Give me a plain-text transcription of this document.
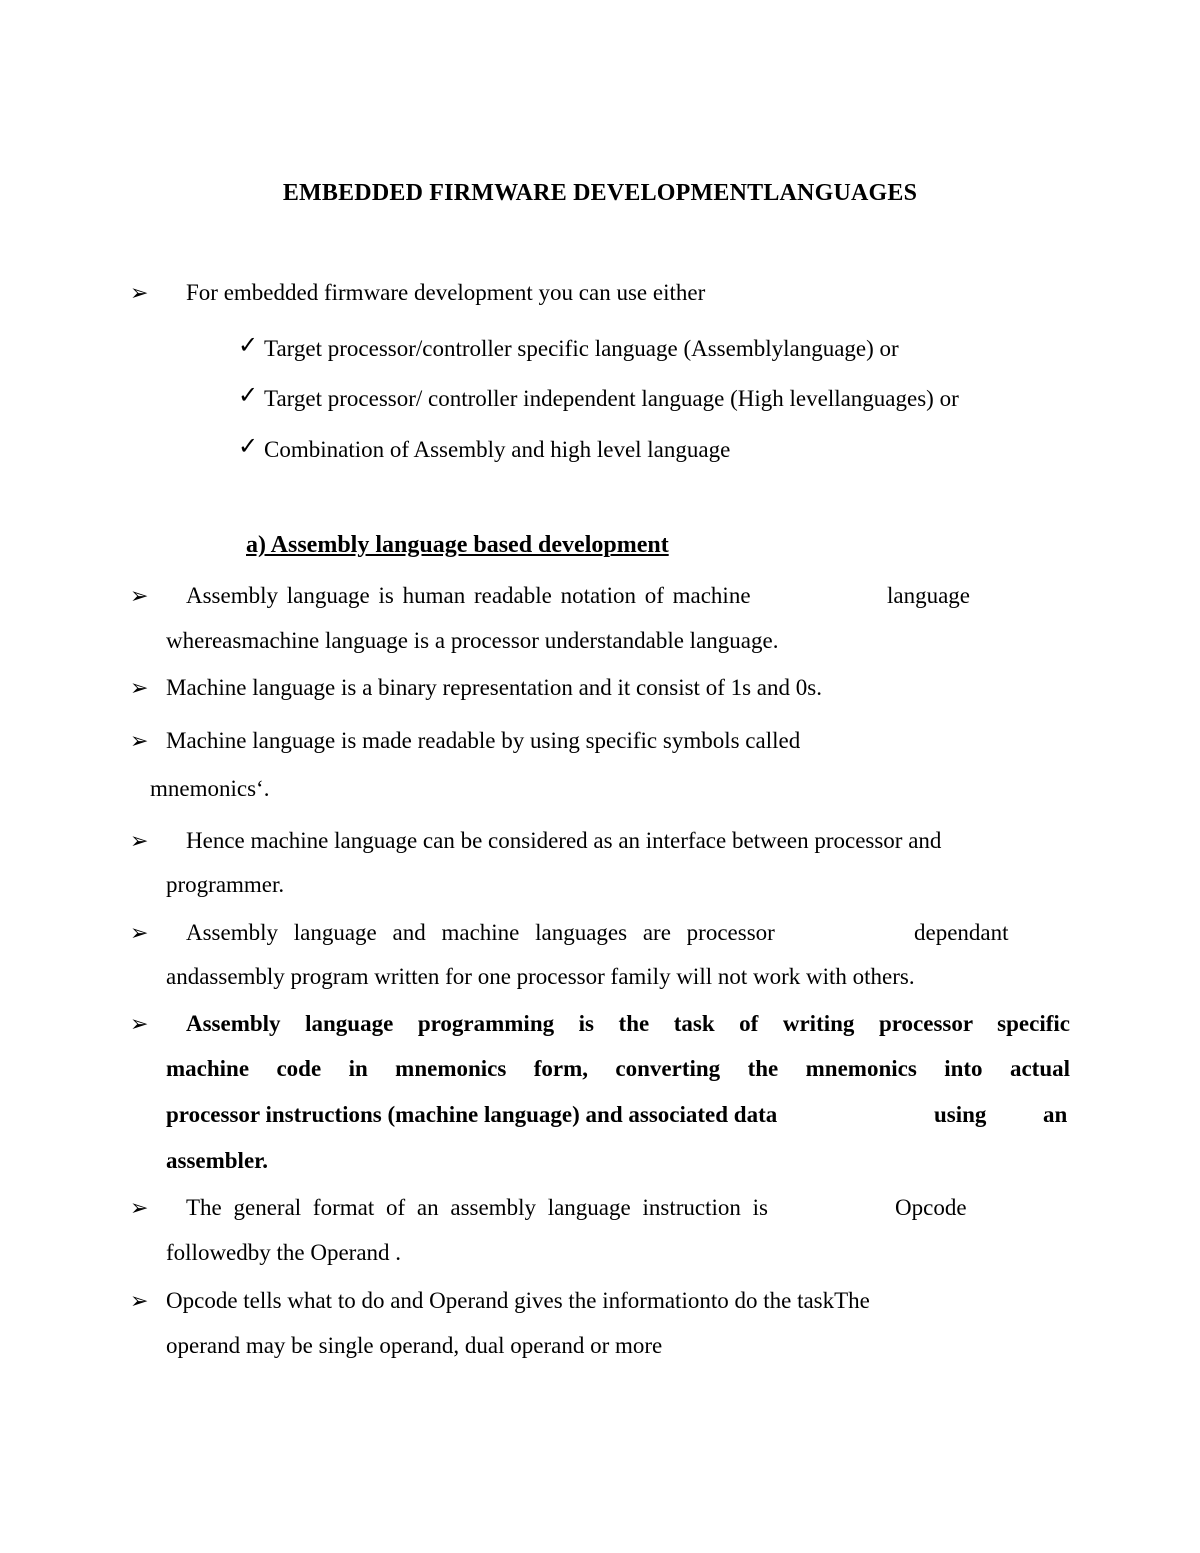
EMBEDDED FIRMWARE DEVELOPMENTLANGUAGES
➢ For embedded firmware development you can use either
✓ Target processor/controller specific language (Assemblylanguage) or
✓ Target processor/ controller independent language (High levellanguages) or
✓ Combination of Assembly and high level language
a) Assembly language based development
➢ Assembly language is human readable notation of machine	language
whereasmachine language is a processor understandable language.
➢ Machine language is a binary representation and it consist of 1s and 0s.
➢ Machine language is made readable by using specific symbols called
mnemonics‘.
➢ Hence machine language can be considered as an interface between processor and
programmer.
➢ Assembly language and machine languages are processor	dependant
andassembly program written for one processor family will not work with others.
➢ Assembly language programming is the task of writing processor specific
machine code in mnemonics form, converting the mnemonics into actual
processor instructions (machine language) and associated data	using an
assembler.
➢ The general format of an assembly language instruction is	Opcode
followedby the Operand .
➢ Opcode tells what to do and Operand gives the informationto do the taskThe
operand may be single operand, dual operand or more
